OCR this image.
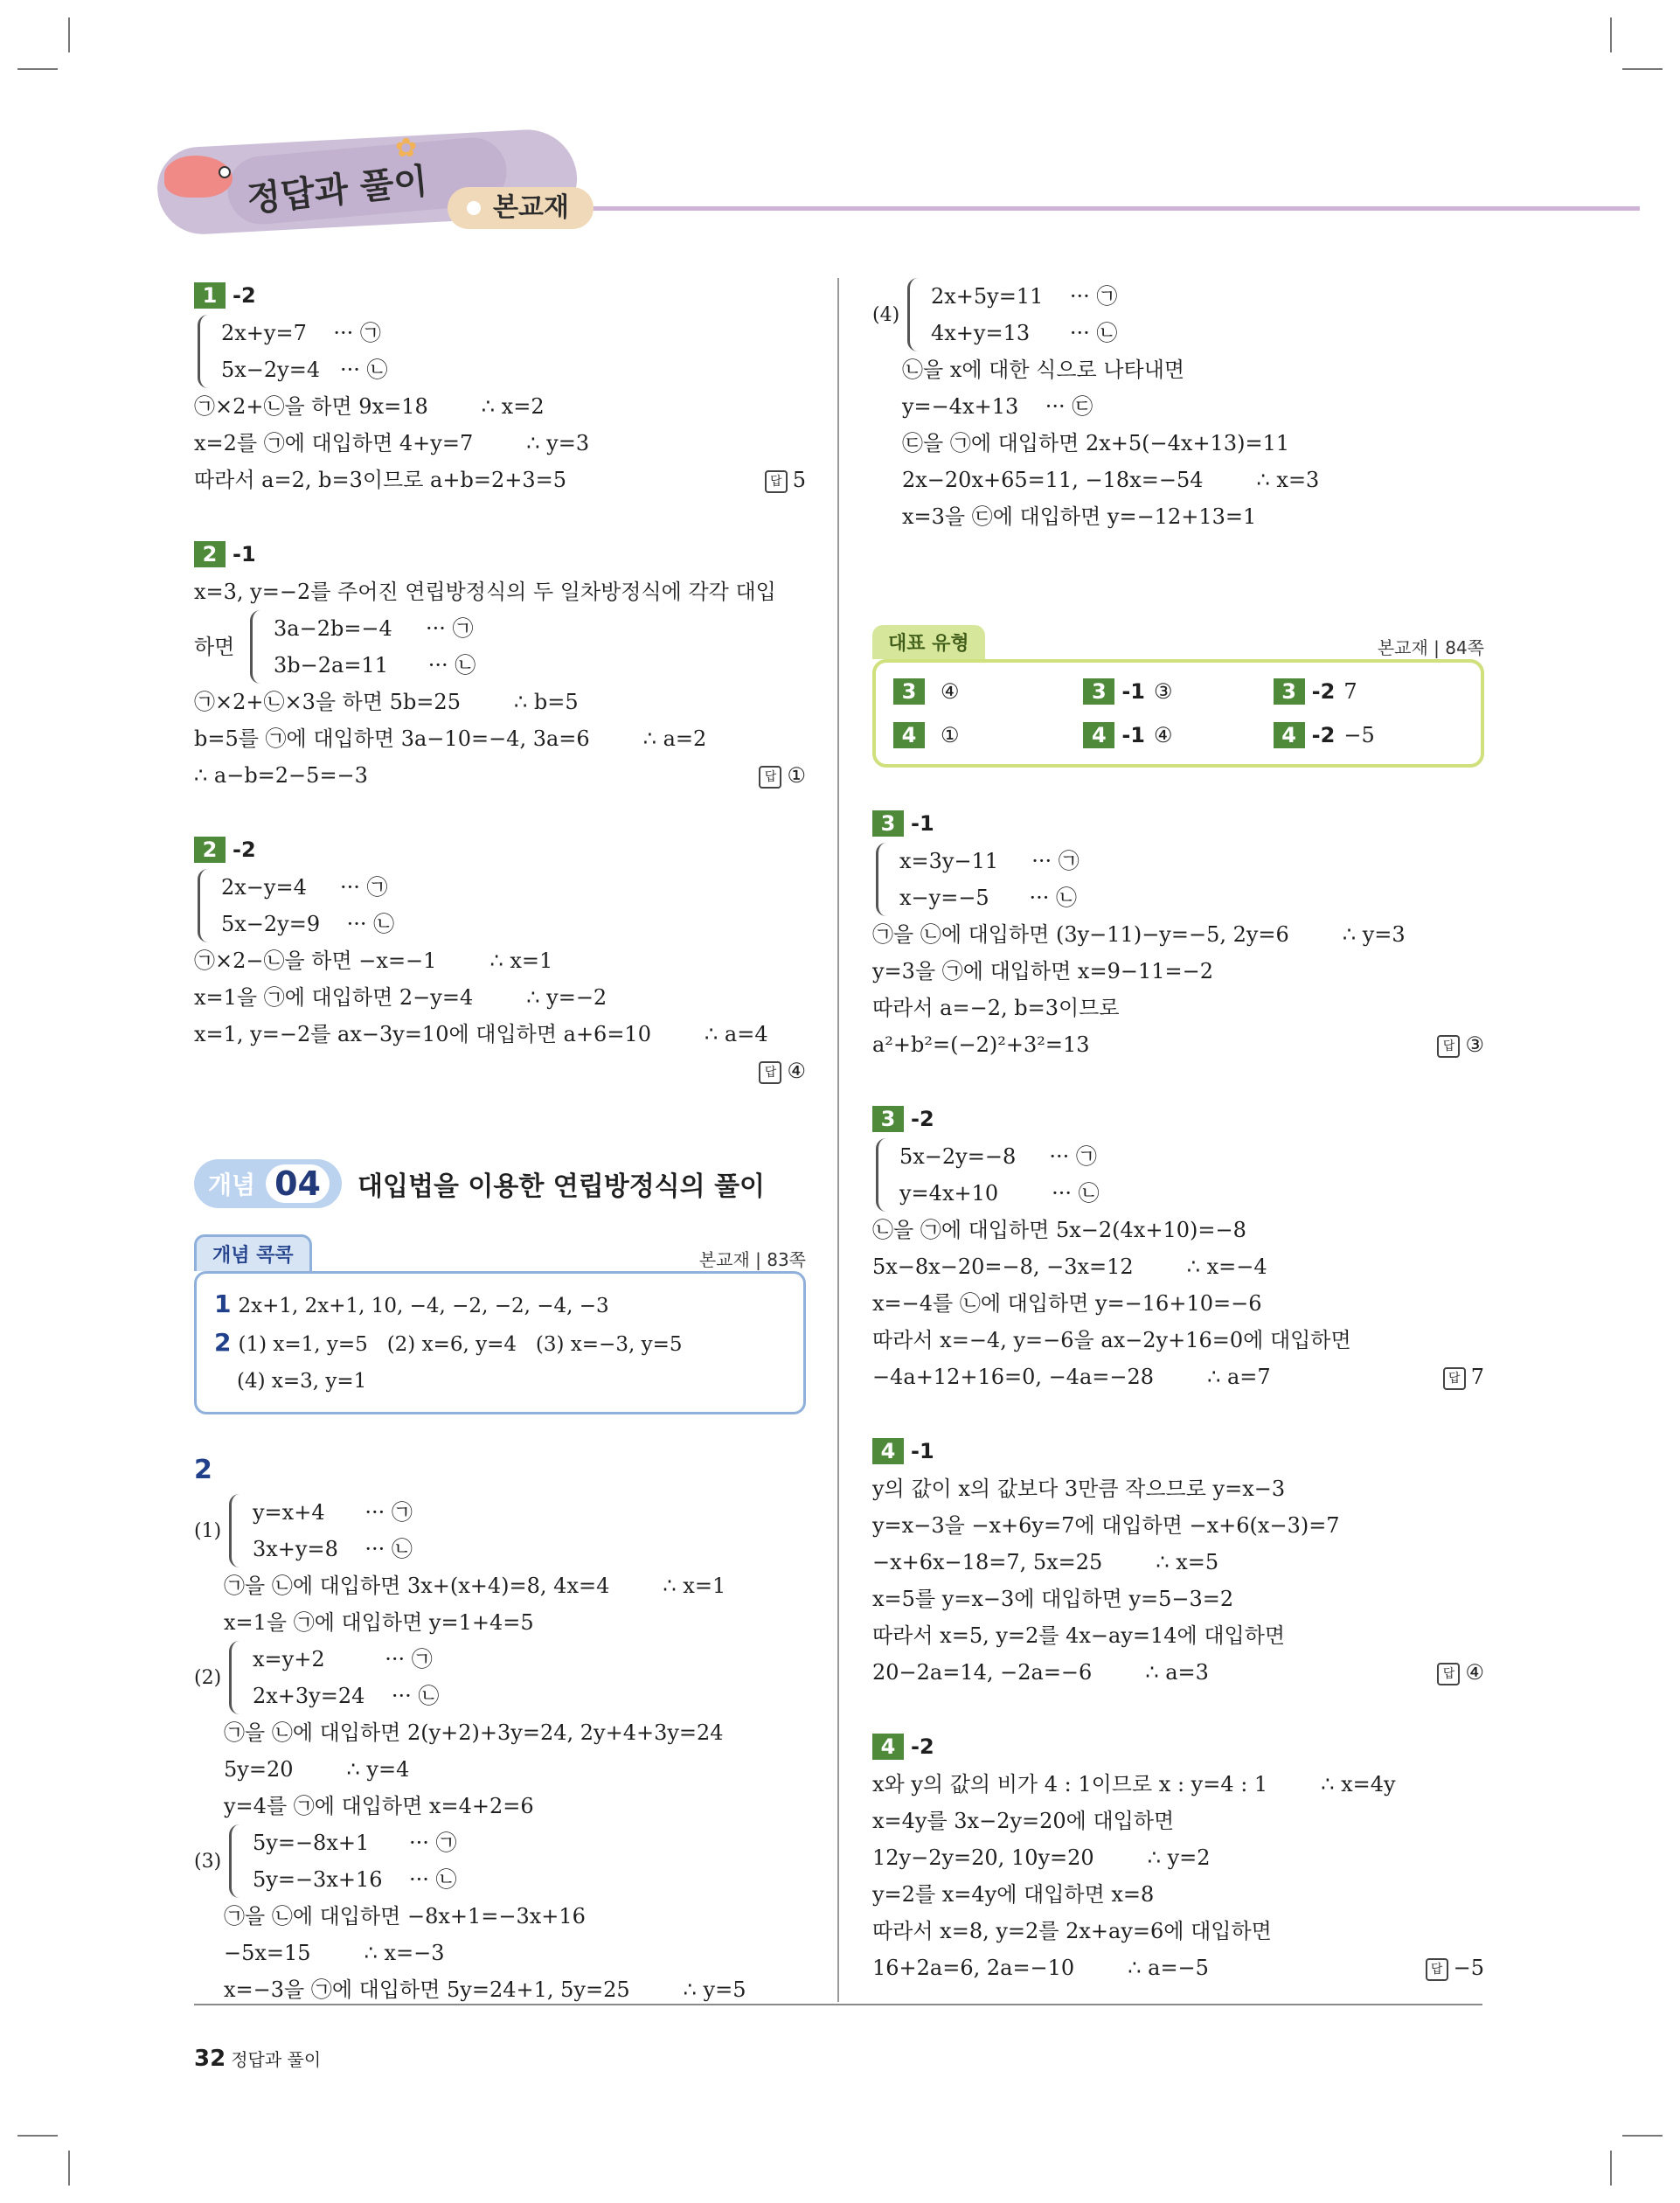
✿
정답과 풀이	본교재
1 -2
2x+y=7    ··· ㉠
5x−2y=4   ··· ㉡
㉠×2+㉡을 하면 9x=18        ∴ x=2
x=2를 ㉠에 대입하면 4+y=7        ∴ y=3
따라서 a=2, b=3이므로 a+b=2+3=5	답 5
2 -1
x=3, y=−2를 주어진 연립방정식의 두 일차방정식에 각각 대입
하면
3a−2b=−4     ··· ㉠
3b−2a=11      ··· ㉡
㉠×2+㉡×3을 하면 5b=25        ∴ b=5
b=5를 ㉠에 대입하면 3a−10=−4, 3a=6        ∴ a=2
∴ a−b=2−5=−3	답 ①
2 -2
2x−y=4     ··· ㉠
5x−2y=9    ··· ㉡
㉠×2−㉡을 하면 −x=−1        ∴ x=1
x=1을 ㉠에 대입하면 2−y=4        ∴ y=−2
x=1, y=−2를 ax−3y=10에 대입하면 a+6=10        ∴ a=4
답 ④
개념 04	대입법을 이용한 연립방정식의 풀이
개념 콕콕	본교재 | 83쪽
1 2x+1, 2x+1, 10, −4, −2, −2, −4, −3
2 (1) x=1, y=5   (2) x=6, y=4   (3) x=−3, y=5
(4) x=3, y=1
2
(1)
y=x+4      ··· ㉠
3x+y=8    ··· ㉡
㉠을 ㉡에 대입하면 3x+(x+4)=8, 4x=4        ∴ x=1
x=1을 ㉠에 대입하면 y=1+4=5
(2)
x=y+2         ··· ㉠
2x+3y=24    ··· ㉡
㉠을 ㉡에 대입하면 2(y+2)+3y=24, 2y+4+3y=24
5y=20        ∴ y=4
y=4를 ㉠에 대입하면 x=4+2=6
(3)
5y=−8x+1      ··· ㉠
5y=−3x+16    ··· ㉡
㉠을 ㉡에 대입하면 −8x+1=−3x+16
−5x=15        ∴ x=−3
x=−3을 ㉠에 대입하면 5y=24+1, 5y=25        ∴ y=5
(4)
2x+5y=11    ··· ㉠
4x+y=13      ··· ㉡
㉡을 x에 대한 식으로 나타내면
y=−4x+13    ··· ㉢
㉢을 ㉠에 대입하면 2x+5(−4x+13)=11
2x−20x+65=11, −18x=−54        ∴ x=3
x=3을 ㉢에 대입하면 y=−12+13=1
대표 유형	본교재 | 84쪽
3	④	3 -1 ③	3 -2 7
4	①	4 -1 ④	4 -2 −5
3 -1
x=3y−11     ··· ㉠
x−y=−5      ··· ㉡
㉠을 ㉡에 대입하면 (3y−11)−y=−5, 2y=6        ∴ y=3
y=3을 ㉠에 대입하면 x=9−11=−2
따라서 a=−2, b=3이므로
a²+b²=(−2)²+3²=13	답 ③
3 -2
5x−2y=−8     ··· ㉠
y=4x+10        ··· ㉡
㉡을 ㉠에 대입하면 5x−2(4x+10)=−8
5x−8x−20=−8, −3x=12        ∴ x=−4
x=−4를 ㉡에 대입하면 y=−16+10=−6
따라서 x=−4, y=−6을 ax−2y+16=0에 대입하면
−4a+12+16=0, −4a=−28        ∴ a=7	답 7
4 -1
y의 값이 x의 값보다 3만큼 작으므로 y=x−3
y=x−3을 −x+6y=7에 대입하면 −x+6(x−3)=7
−x+6x−18=7, 5x=25        ∴ x=5
x=5를 y=x−3에 대입하면 y=5−3=2
따라서 x=5, y=2를 4x−ay=14에 대입하면
20−2a=14, −2a=−6        ∴ a=3	답 ④
4 -2
x와 y의 값의 비가 4 : 1이므로 x : y=4 : 1        ∴ x=4y
x=4y를 3x−2y=20에 대입하면
12y−2y=20, 10y=20        ∴ y=2
y=2를 x=4y에 대입하면 x=8
따라서 x=8, y=2를 2x+ay=6에 대입하면
16+2a=6, 2a=−10        ∴ a=−5	답 −5
32 정답과 풀이
